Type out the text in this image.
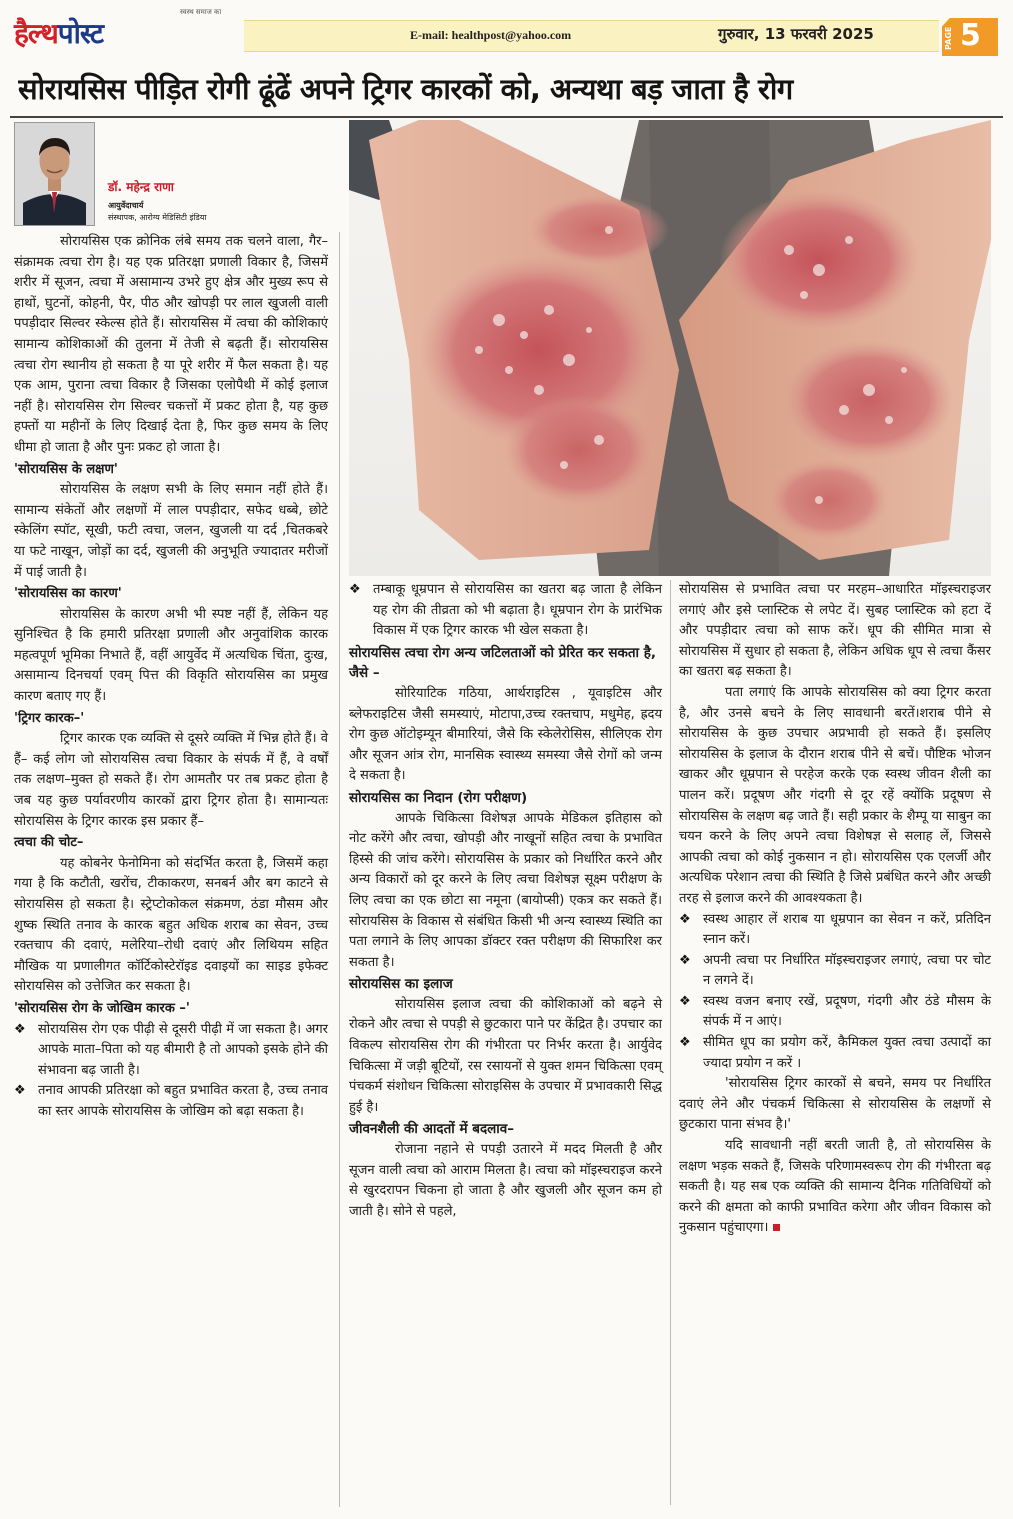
हैल्थपोस्ट
स्वस्थ समाज का
E-mail: healthpost@yahoo.com	गुरुवार, 13 फरवरी 2025	PAGE 5
सोरायसिस पीड़ित रोगी ढूंढें अपने ट्रिगर कारकों को, अन्यथा बड़ जाता है रोग
डॉ. महेन्द्र राणा
आयुर्वेदाचार्य
संस्थापक, आरोग्य मेडिसिटी इंडिया

सोरायसिस एक क्रोनिक लंबे समय तक चलने वाला, गैर–संक्रामक त्वचा रोग है। यह एक प्रतिरक्षा प्रणाली विकार है, जिसमें शरीर में सूजन, त्वचा में असामान्य उभरे हुए क्षेत्र और मुख्य रूप से हाथों, घुटनों, कोहनी, पैर, पीठ और खोपड़ी पर लाल खुजली वाली पपड़ीदार सिल्वर स्केल्स होते हैं। सोरायसिस में त्वचा की कोशिकाएं सामान्य कोशिकाओं की तुलना में तेजी से बढ़ती हैं। सोरायसिस त्वचा रोग स्थानीय हो सकता है या पूरे शरीर में फैल सकता है। यह एक आम, पुराना त्वचा विकार है जिसका एलोपैथी में कोई इलाज नहीं है। सोरायसिस रोग सिल्वर चकत्तों में प्रकट होता है, यह कुछ हफ्तों या महीनों के लिए दिखाई देता है, फिर कुछ समय के लिए धीमा हो जाता है और पुनः प्रकट हो जाता है।

'सोरायसिस के लक्षण'

सोरायसिस के लक्षण सभी के लिए समान नहीं होते हैं। सामान्य संकेतों और लक्षणों में लाल पपड़ीदार, सफेद धब्बे, छोटे स्केलिंग स्पॉट, सूखी, फटी त्वचा, जलन, खुजली या दर्द ,चितकबरे या फटे नाखून, जोड़ों का दर्द, खुजली की अनुभूति ज्यादातर मरीजों में पाई जाती है।

'सोरायसिस का कारण'

सोरायसिस के कारण अभी भी स्पष्ट नहीं हैं, लेकिन यह सुनिश्चित है कि हमारी प्रतिरक्षा प्रणाली और अनुवांशिक कारक महत्वपूर्ण भूमिका निभाते हैं, वहीं आयुर्वेद में अत्यधिक चिंता, दुःख, असामान्य दिनचर्या एवम् पित्त की विकृति सोरायसिस का प्रमुख कारण बताए गए हैं।

'ट्रिगर कारक–'

ट्रिगर कारक एक व्यक्ति से दूसरे व्यक्ति में भिन्न होते हैं। वे हैं– कई लोग जो सोरायसिस त्वचा विकार के संपर्क में हैं, वे वर्षों तक लक्षण–मुक्त हो सकते हैं। रोग आमतौर पर तब प्रकट होता है जब यह कुछ पर्यावरणीय कारकों द्वारा ट्रिगर होता है। सामान्यतः सोरायसिस के ट्रिगर कारक इस प्रकार हैं–

त्वचा की चोट–

यह कोबनेर फेनोमिना को संदर्भित करता है, जिसमें कहा गया है कि कटौती, खरोंच, टीकाकरण, सनबर्न और बग काटने से सोरायसिस हो सकता है। स्ट्रेप्टोकोकल संक्रमण, ठंडा मौसम और शुष्क स्थिति तनाव के कारक बहुत अधिक शराब का सेवन, उच्च रक्तचाप की दवाएं, मलेरिया–रोधी दवाएं और लिथियम सहित मौखिक या प्रणालीगत कॉर्टिकोस्टेरॉइड दवाइयों का साइड इफेक्ट सोरायसिस को उत्तेजित कर सकता है।

'सोरायसिस रोग के जोखिम कारक –'
❖ सोरायसिस रोग एक पीढ़ी से दूसरी पीढ़ी में जा सकता है। अगर आपके माता–पिता को यह बीमारी है तो आपको इसके होने की संभावना बढ़ जाती है।
❖ तनाव आपकी प्रतिरक्षा को बहुत प्रभावित करता है, उच्च तनाव का स्तर आपके सोरायसिस के जोखिम को बढ़ा सकता है।
❖ तम्बाकू धूम्रपान से सोरायसिस का खतरा बढ़ जाता है लेकिन यह रोग की तीव्रता को भी बढ़ाता है। धूम्रपान रोग के प्रारंभिक विकास में एक ट्रिगर कारक भी खेल सकता है।
सोरायसिस त्वचा रोग अन्य जटिलताओं को प्रेरित कर सकता है, जैसे –

सोरियाटिक गठिया, आर्थराइटिस , यूवाइटिस और ब्लेफराइटिस जैसी समस्याएं, मोटापा,उच्च रक्तचाप, मधुमेह, ह्रदय रोग कुछ ऑटोइम्यून बीमारियां, जैसे कि स्केलेरोसिस, सीलिएक रोग और सूजन आंत्र रोग, मानसिक स्वास्थ्य समस्या जैसे रोगों को जन्म दे सकता है।

सोरायसिस का निदान (रोग परीक्षण)

आपके चिकित्सा विशेषज्ञ आपके मेडिकल इतिहास को नोट करेंगे और त्वचा, खोपड़ी और नाखूनों सहित त्वचा के प्रभावित हिस्से की जांच करेंगे। सोरायसिस के प्रकार को निर्धारित करने और अन्य विकारों को दूर करने के लिए त्वचा विशेषज्ञ सूक्ष्म परीक्षण के लिए त्वचा का एक छोटा सा नमूना (बायोप्सी) एकत्र कर सकते हैं। सोरायसिस के विकास से संबंधित किसी भी अन्य स्वास्थ्य स्थिति का पता लगाने के लिए आपका डॉक्टर रक्त परीक्षण की सिफारिश कर सकता है।

सोरायसिस का इलाज

सोरायसिस इलाज त्वचा की कोशिकाओं को बढ़ने से रोकने और त्वचा से पपड़ी से छुटकारा पाने पर केंद्रित है। उपचार का विकल्प सोरायसिस रोग की गंभीरता पर निर्भर करता है। आर्युवेद चिकित्सा में जड़ी बूटियों, रस रसायनों से युक्त शमन चिकित्सा एवम् पंचकर्म संशोधन चिकित्सा सोराइसिस के उपचार में प्रभावकारी सिद्ध हुई है।

जीवनशैली की आदतों में बदलाव–

रोजाना नहाने से पपड़ी उतारने में मदद मिलती है और सूजन वाली त्वचा को आराम मिलता है। त्वचा को मॉइस्चराइज करने से खुरदरापन चिकना हो जाता है और खुजली और सूजन कम हो जाती है। सोने से पहले,

सोरायसिस से प्रभावित त्वचा पर मरहम–आधारित मॉइस्चराइजर लगाएं और इसे प्लास्टिक से लपेट दें। सुबह प्लास्टिक को हटा दें और पपड़ीदार त्वचा को साफ करें। धूप की सीमित मात्रा से सोरायसिस में सुधार हो सकता है, लेकिन अधिक धूप से त्वचा कैंसर का खतरा बढ़ सकता है।

पता लगाएं कि आपके सोरायसिस को क्या ट्रिगर करता है, और उनसे बचने के लिए सावधानी बरतें।शराब पीने से सोरायसिस के कुछ उपचार अप्रभावी हो सकते हैं। इसलिए सोरायसिस के इलाज के दौरान शराब पीने से बचें। पौष्टिक भोजन खाकर और धूम्रपान से परहेज करके एक स्वस्थ जीवन शैली का पालन करें। प्रदूषण और गंदगी से दूर रहें क्योंकि प्रदूषण से सोरायसिस के लक्षण बढ़ जाते हैं। सही प्रकार के शैम्पू या साबुन का चयन करने के लिए अपने त्वचा विशेषज्ञ से सलाह लें, जिससे आपकी त्वचा को कोई नुकसान न हो। सोरायसिस एक एलर्जी और अत्यधिक परेशान त्वचा की स्थिति है जिसे प्रबंधित करने और अच्छी तरह से इलाज करने की आवश्यकता है।

❖ स्वस्थ आहार लें शराब या धूम्रपान का सेवन न करें, प्रतिदिन स्नान करें।
❖ अपनी त्वचा पर निर्धारित मॉइस्चराइजर लगाएं, त्वचा पर चोट न लगने दें।
❖ स्वस्थ वजन बनाए रखें, प्रदूषण, गंदगी और ठंडे मौसम के संपर्क में न आएं।
❖ सीमित धूप का प्रयोग करें, कैमिकल युक्त त्वचा उत्पादों का ज्यादा प्रयोग न करें ।

'सोरायसिस ट्रिगर कारकों से बचने, समय पर निर्धारित दवाएं लेने और पंचकर्म चिकित्सा से सोरायसिस के लक्षणों से छुटकारा पाना संभव है।'

यदि सावधानी नहीं बरती जाती है, तो सोरायसिस के लक्षण भड़क सकते हैं, जिसके परिणामस्वरूप रोग की गंभीरता बढ़ सकती है। यह सब एक व्यक्ति की सामान्य दैनिक गतिविधियों को करने की क्षमता को काफी प्रभावित करेगा और जीवन विकास को नुकसान पहुंचाएगा।
